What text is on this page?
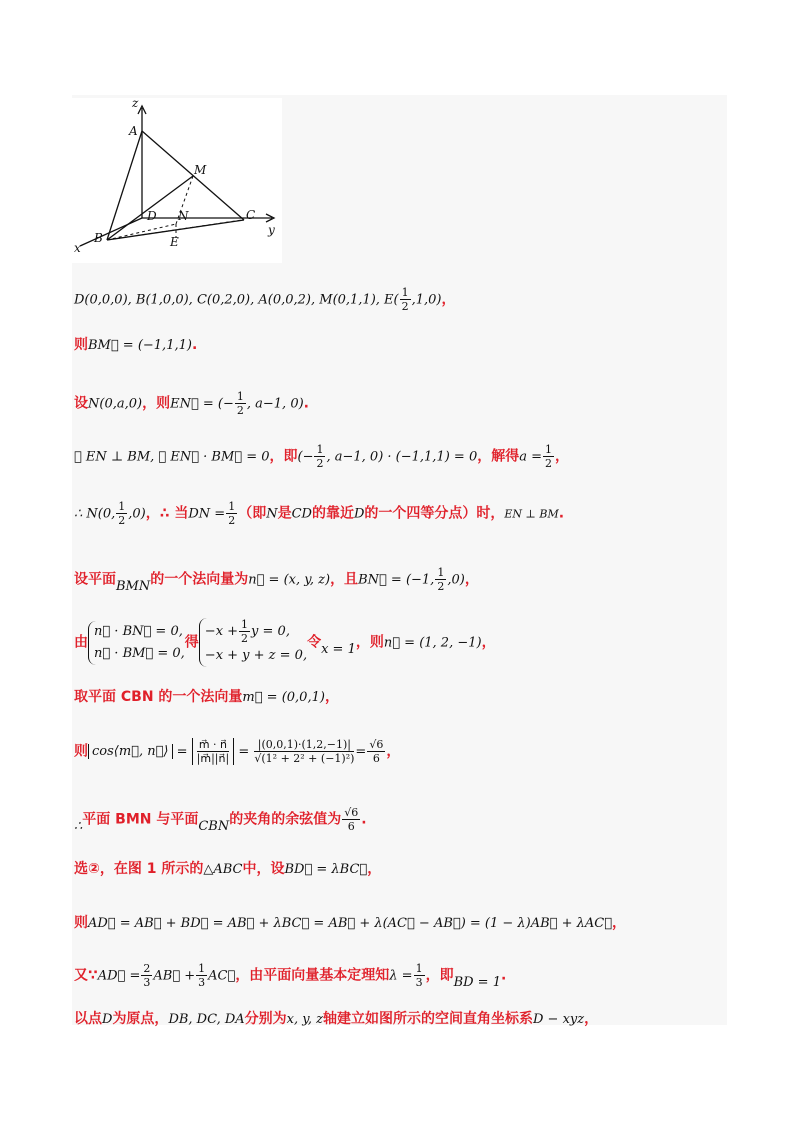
z
A
M
D N	C
y
B	E
x
D(0,0,0), B(1,0,0), C(0,2,0), A(0,0,2), M(0,1,1), $E( \frac{1}{2} ,1,0)$，
则BM⃗ = (−1,1,1).
设N(0,a,0)，则EN⃗ = (− $\frac{1}{2}$ , a−1, 0).
∵ EN ⊥ BM, ∴ EN⃗ · BM⃗ = 0，即(− $\frac{1}{2}$ , a−1, 0) · (−1,1,1) = 0，解得$a = \frac{1}{2}$ ，
∴ N(0, $\frac{1}{2} ,0$)，∴ 当DN = $\frac{1}{2}$ （即N是CD的靠近D的一个四等分点）时，EN ⊥ BM.
设平面BMN的一个法向量为n⃗ = (x, y, z)，且BN⃗ = (−1, $\frac{1}{2} ,0$)，
由
n⃗ · BN⃗ = 0,
n⃗ · BM⃗ = 0,
得
$-x + \frac{1}{2}$ y = 0,
−x + y + z = 0,
令x = 1，则n⃗ = (1, 2, −1)，
取平面 CBN 的一个法向量m⃗ = (0,0,1)，
则 cos⟨m⃗, n⃗⟩ = $\frac{m⃗ \cdot n⃗}{|m⃗||n⃗|} = \frac{|(0,0,1)\cdot(1,2,-1)|}{\text{√(1² + 2² + (−1)²)}} = \frac{√6}{6}$ ，
∴平面 BMN 与平面CBN的夹角的余弦值为 $\frac{√6}{6}$ .
选②，在图 1 所示的△ABC中，设BD⃗ = λBC⃗，
则AD⃗ = AB⃗ + BD⃗ = AB⃗ + λBC⃗ = AB⃗ + λ(AC⃗ − AB⃗) = (1 − λ)AB⃗ + λAC⃗，
又∵AD⃗ = $\frac{2}{3}$ AB⃗ + $\frac{1}{3}$ AC⃗，由平面向量基本定理知$\lambda = \frac{1}{3}$ ，即BD = 1.
以点D为原点，DB, DC, DA分别为x, y, z轴建立如图所示的空间直角坐标系D − xyz，
